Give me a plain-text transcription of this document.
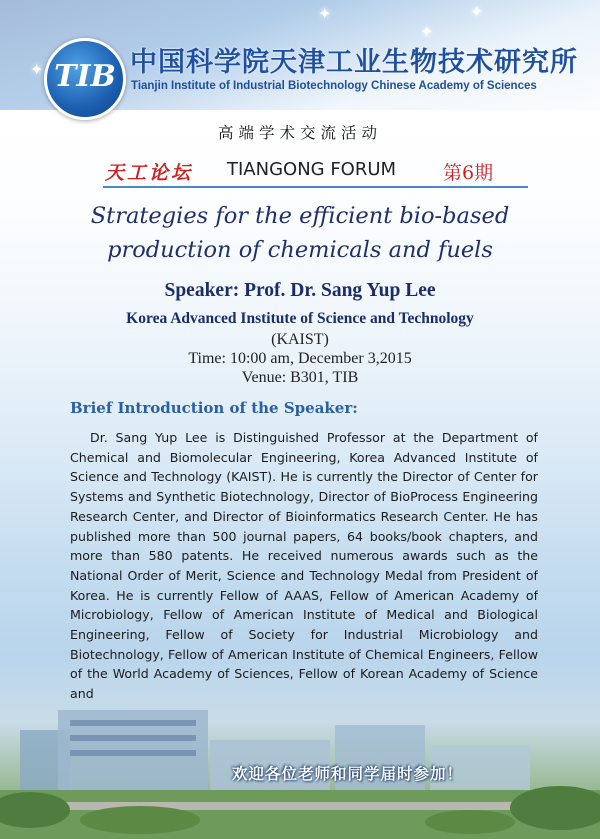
✦
✦
✦
✦
TIB 中国科学院天津工业生物技术研究所
Tianjin Institute of Industrial Biotechnology Chinese Academy of Sciences
高端学术交流活动
天工论坛 TIANGONG FORUM 第6期
Strategies for the efficient bio-based
production of chemicals and fuels
Speaker: Prof. Dr. Sang Yup Lee
Korea Advanced Institute of Science and Technology
(KAIST)
Time: 10:00 am, December 3,2015
Venue: B301, TIB
Brief Introduction of the Speaker:
Dr. Sang Yup Lee is Distinguished Professor at the Department of Chemical and Biomolecular Engineering, Korea Advanced Institute of Science and Technology (KAIST). He is currently the Director of Center for Systems and Synthetic Biotechnology, Director of BioProcess Engineering Research Center, and Director of Bioinformatics Research Center. He has published more than 500 journal papers, 64 books/book chapters, and more than 580 patents. He received numerous awards such as the National Order of Merit, Science and Technology Medal from President of Korea. He is currently Fellow of AAAS, Fellow of American Academy of Microbiology, Fellow of American Institute of Medical and Biological Engineering, Fellow of Society for Industrial Microbiology and Biotechnology, Fellow of American Institute of Chemical Engineers, Fellow of the World Academy of Sciences, Fellow of Korean Academy of Science and
欢迎各位老师和同学届时参加！
